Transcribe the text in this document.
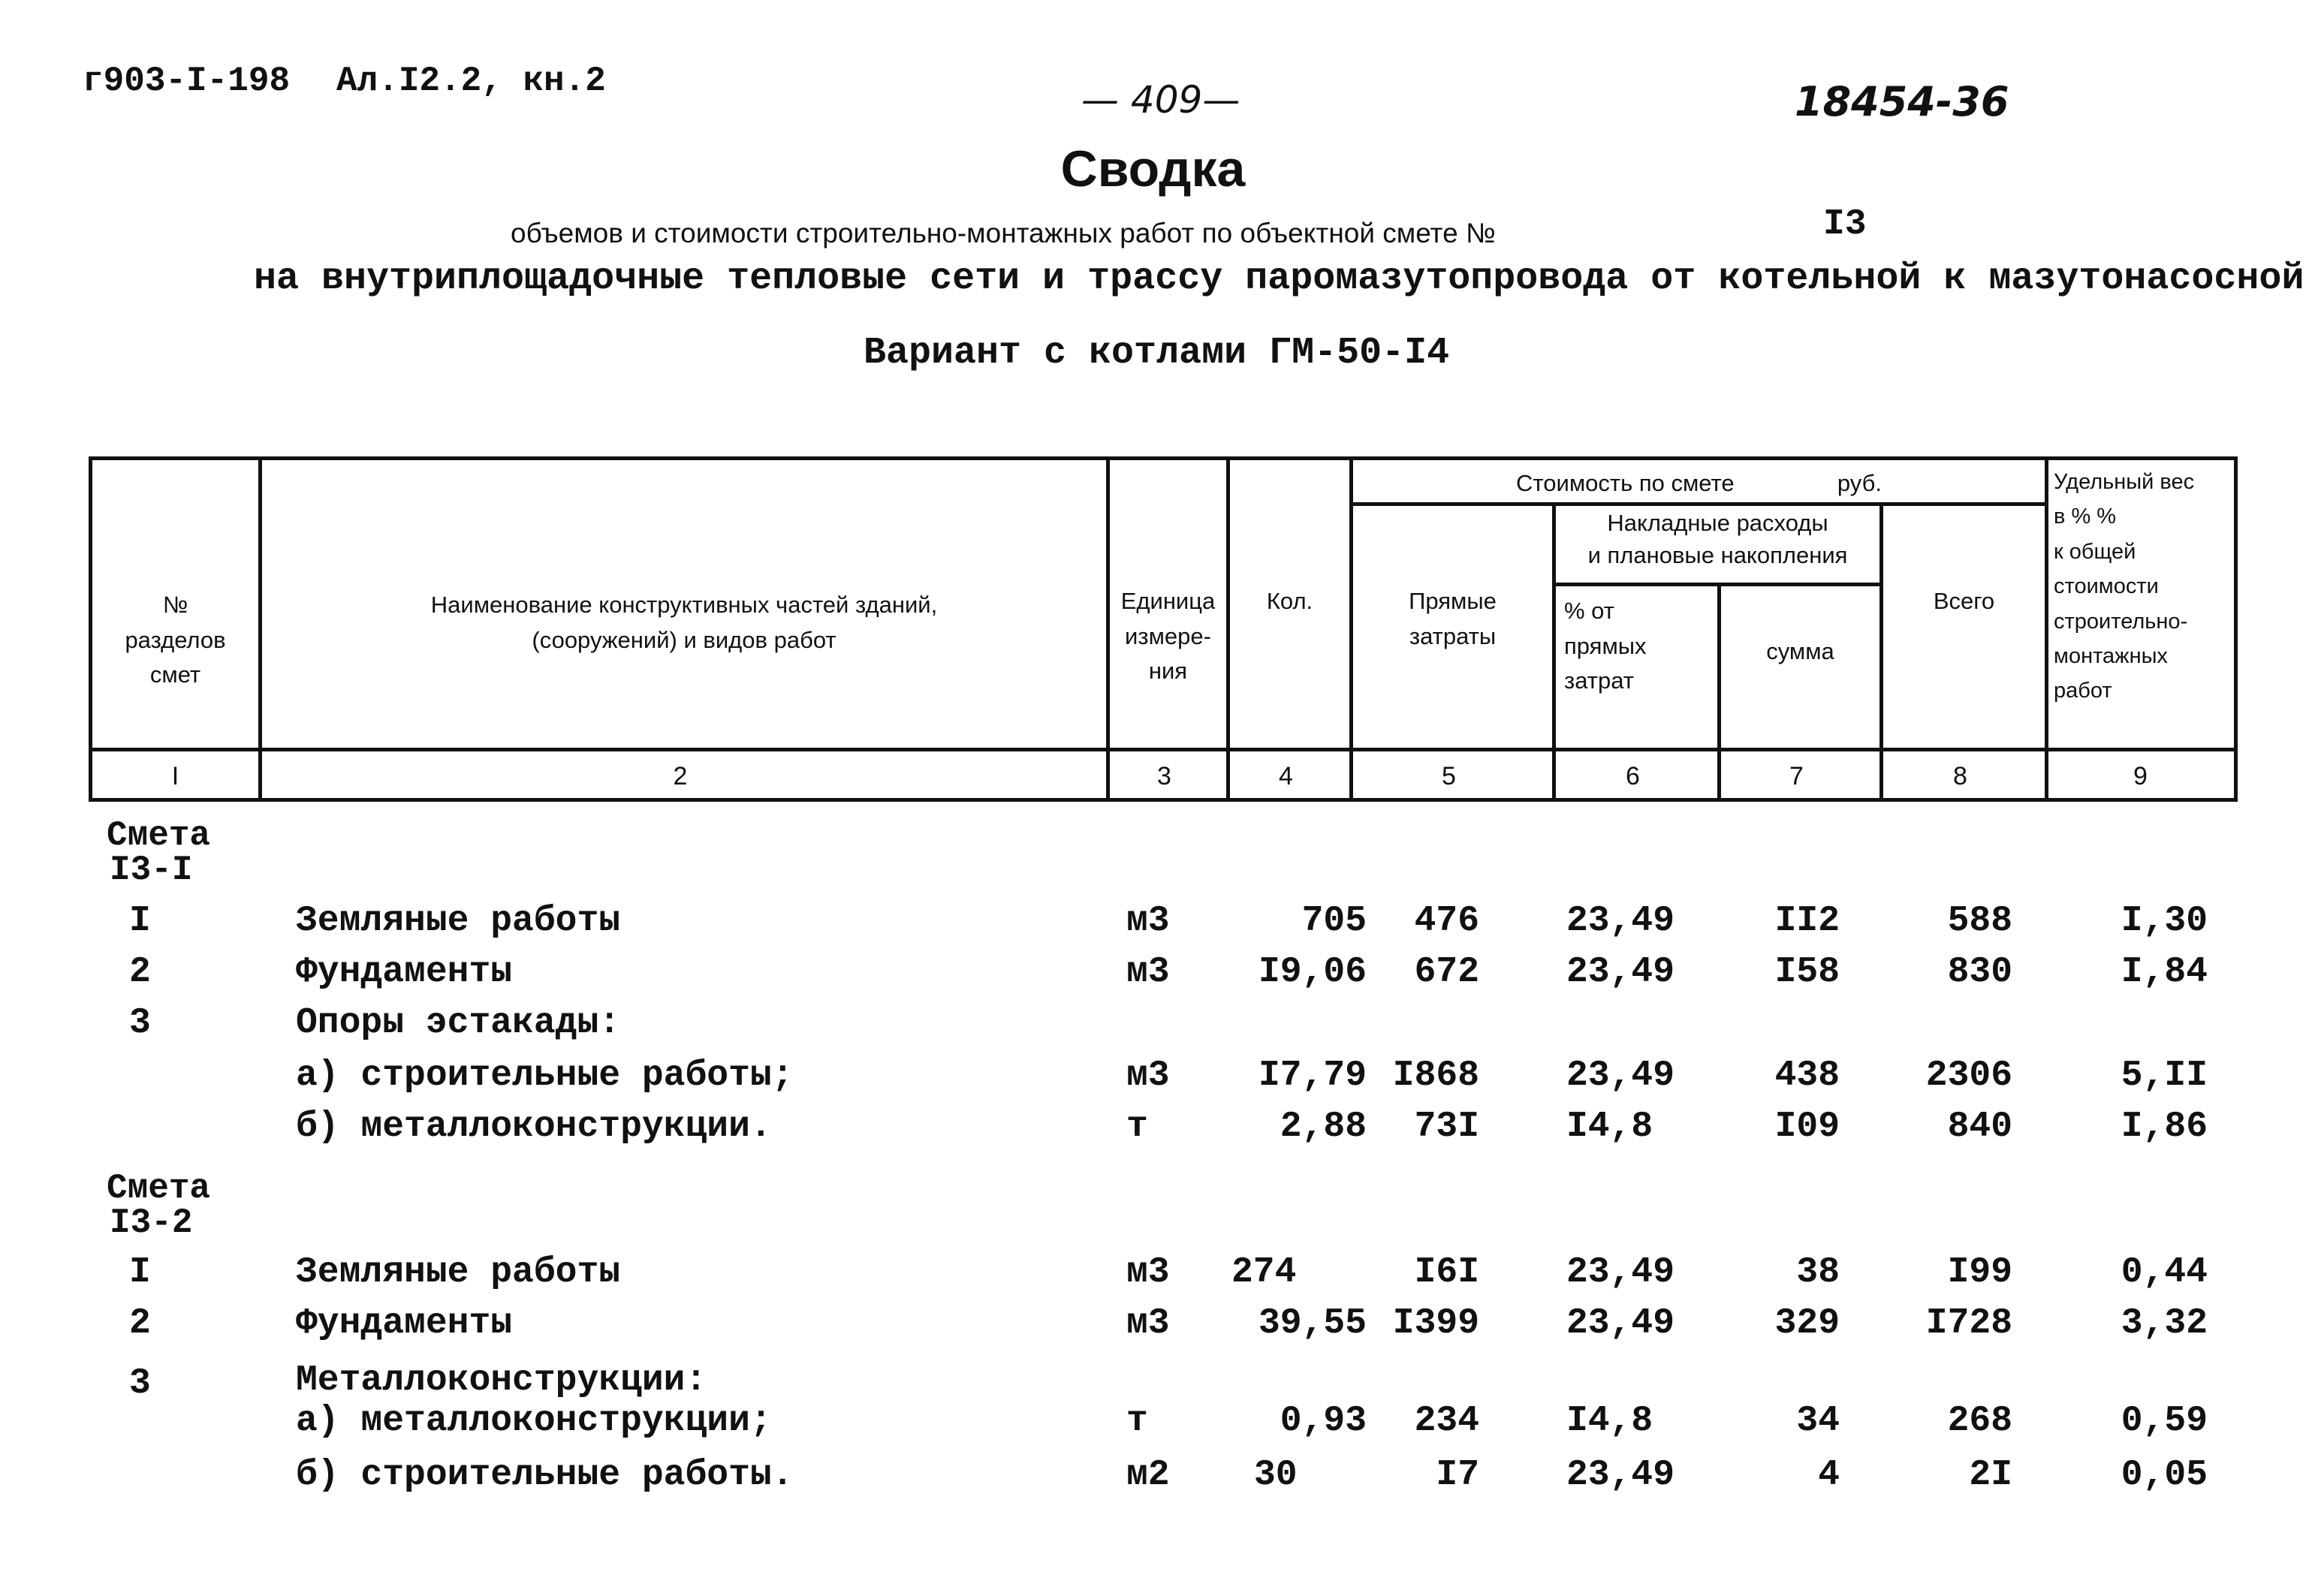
г903-I-198 Ал.I2.2, кн.2	— 409—	18454-36
Сводка
объемов и стоимости строительно-монтажных работ по объектной смете №	I3
на внутриплощадочные тепловые сети и трассу паромазутопровода от котельной к мазутонасосной
Вариант с котлами ГМ-50-I4
№
разделов
смет
Наименование конструктивных частей зданий,
(сооружений) и видов работ
Единица
измере-
ния
Кол.
Стоимость по смете	руб.
Прямые
затраты
Накладные расходы
и плановые накопления
% от
прямых
затрат
сумма
Всего
Удельный вес
в % %
к общей
стоимости
строительно-
монтажных
работ
I	2	3	4	5	6	7	8	9
Смета
I3-I
I	Земляные работы	м3	705	476 23,49	II2	588	I,30
2	Фундаменты	м3	I9,06	672 23,49	I58	830	I,84
3	Опоры эстакады:
а) строительные работы;	м3	I7,79 I868 23,49	438	2306	5,II
б) металлоконструкции.	т	2,88	73I I4,8	I09	840	I,86
Смета
I3-2
I	Земляные работы	м3 274	I6I 23,49	38	I99	0,44
2	Фундаменты	м3	39,55 I399 23,49	329	I728	3,32
3	Металлоконструкции:
а) металлоконструкции;	т	0,93	234 I4,8	34	268	0,59
б) строительные работы.	м2 30	I7 23,49	4	2I	0,05
